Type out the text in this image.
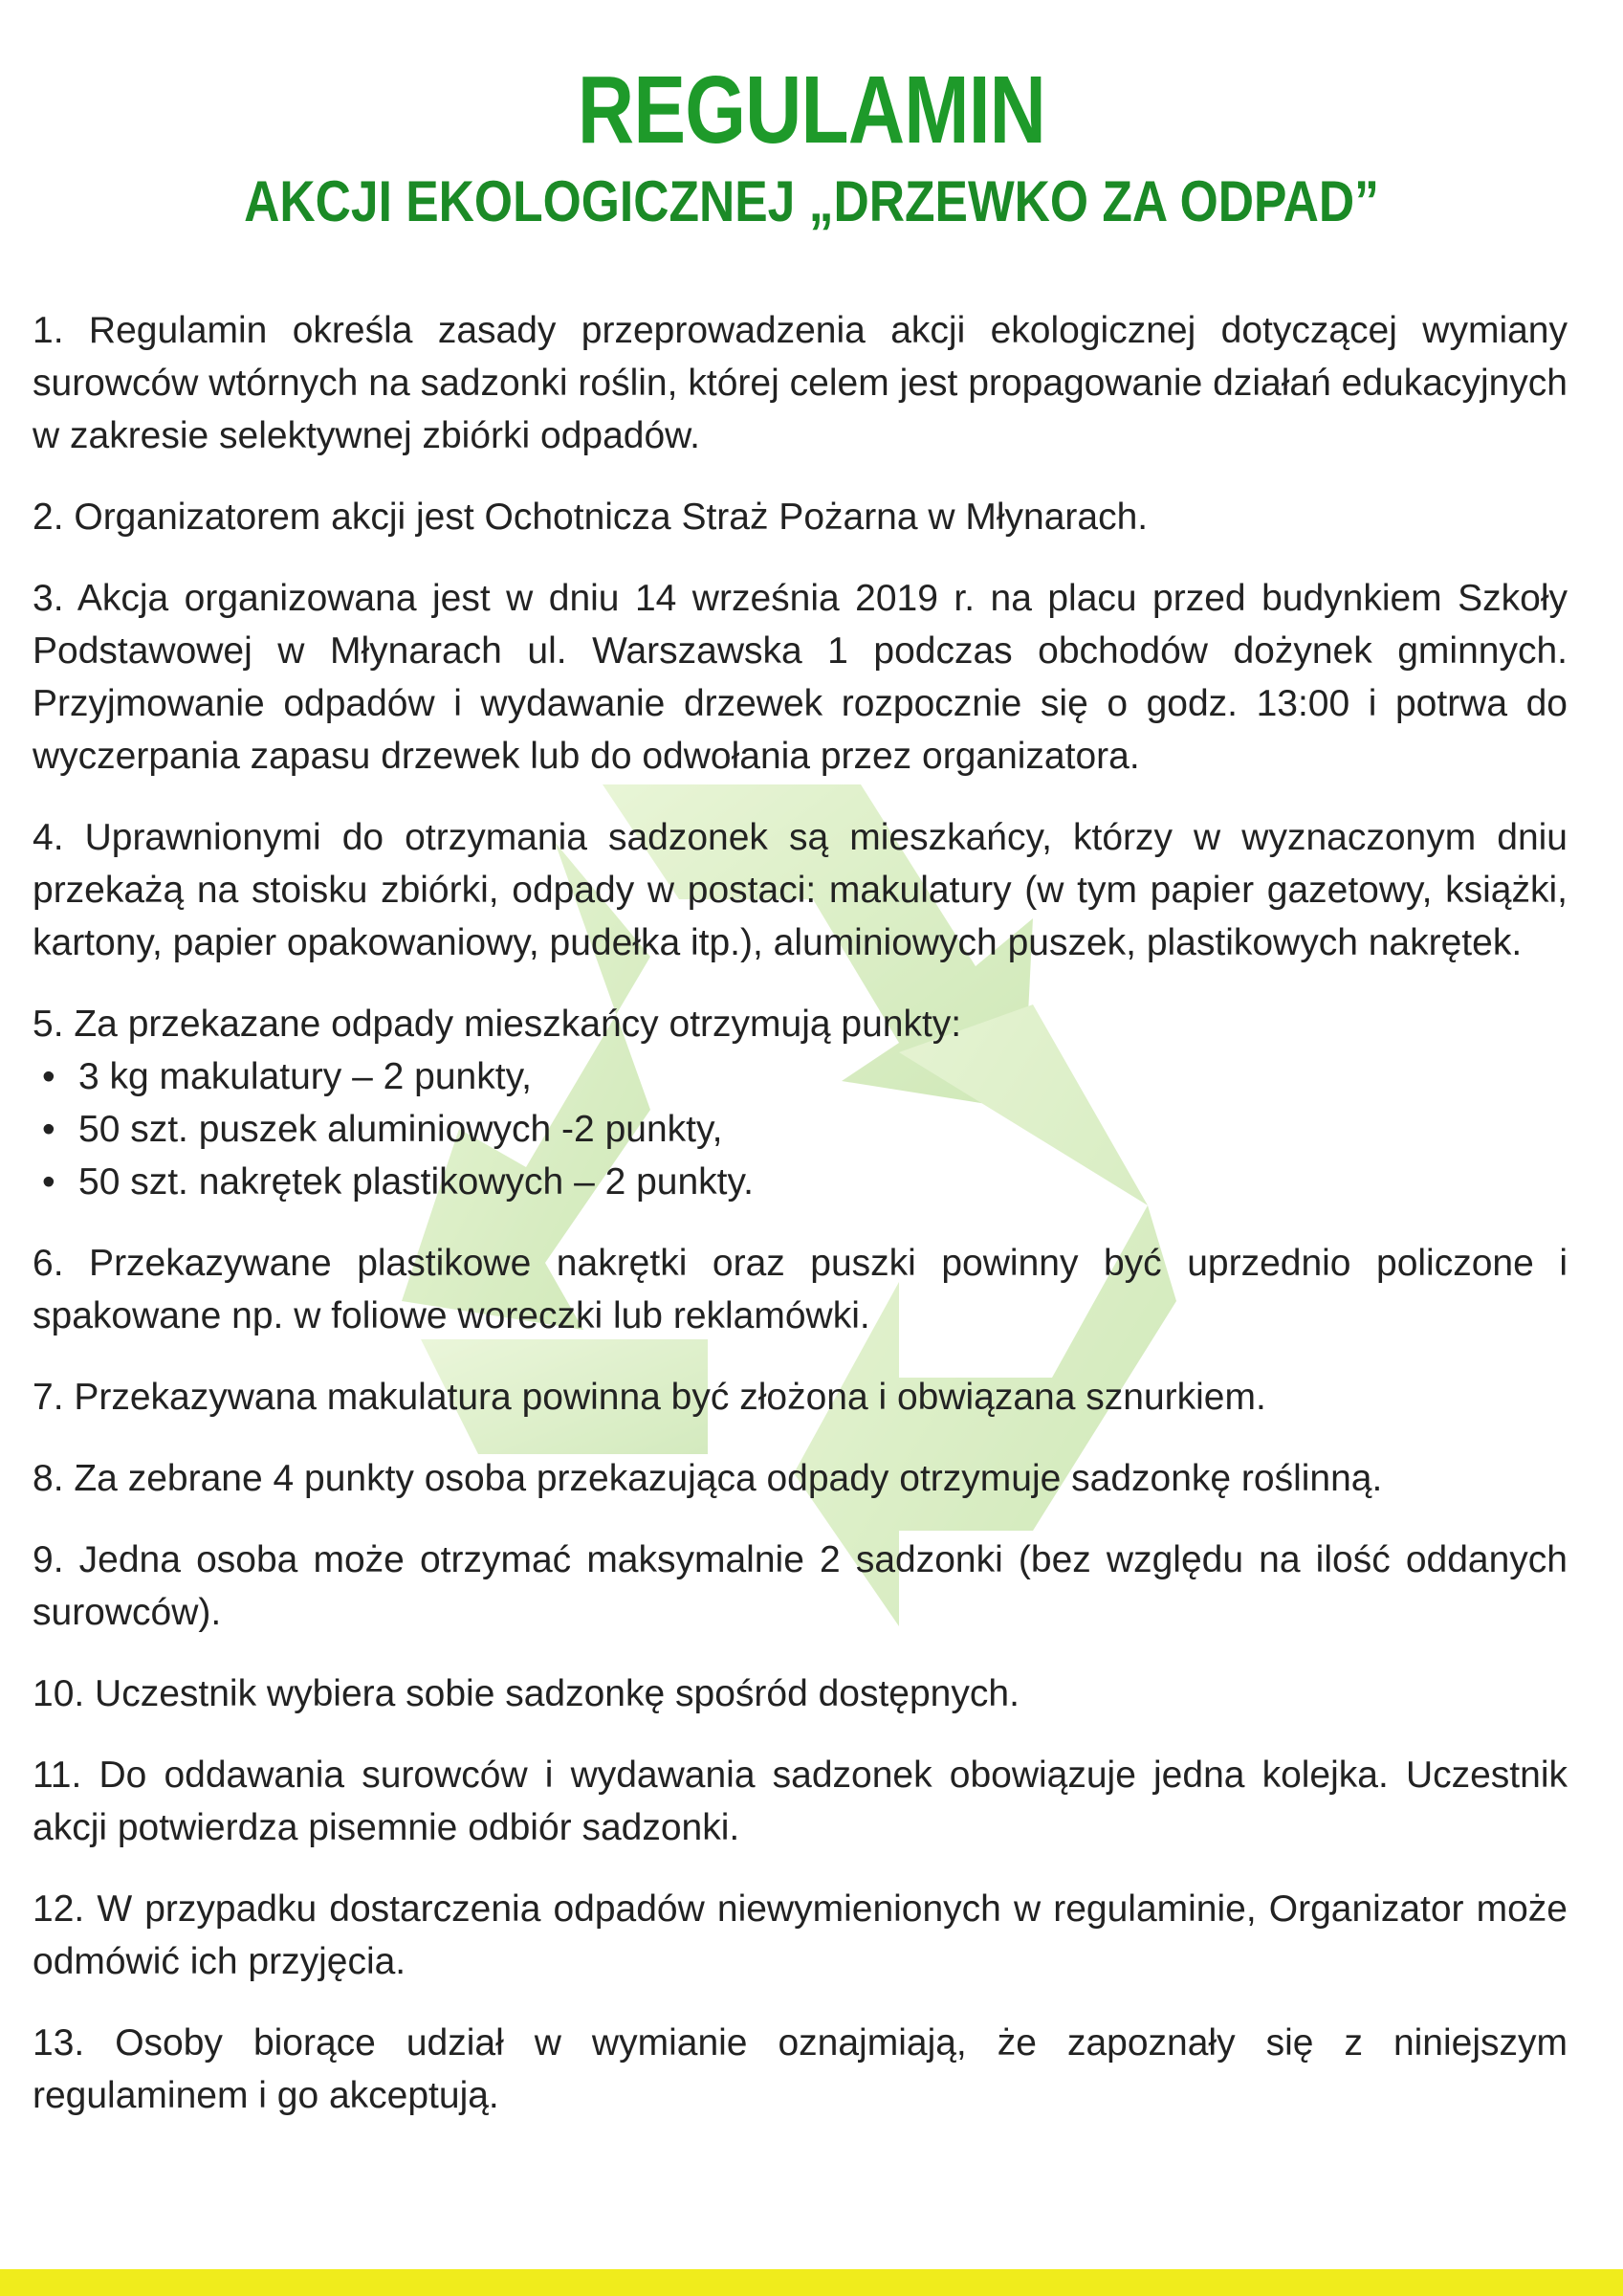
REGULAMIN
AKCJI EKOLOGICZNEJ „DRZEWKO ZA ODPAD”

1. Regulamin określa zasady przeprowadzenia akcji ekologicznej dotyczącej wymiany surowców wtórnych na sadzonki roślin, której celem jest propagowanie działań edukacyjnych w zakresie selektywnej zbiórki odpadów.

2. Organizatorem akcji jest Ochotnicza Straż Pożarna w Młynarach.

3. Akcja organizowana jest w dniu 14 września 2019 r. na placu przed budynkiem Szkoły Podstawowej w Młynarach ul. Warszawska 1 podczas obchodów dożynek gminnych. Przyjmowanie odpadów i wydawanie drzewek rozpocznie się o godz. 13:00 i potrwa do wyczerpania zapasu drzewek lub do odwołania przez organizatora.

4. Uprawnionymi do otrzymania sadzonek są mieszkańcy, którzy w wyznaczonym dniu przekażą na stoisku zbiórki, odpady w postaci: makulatury (w tym papier gazetowy, książki, kartony, papier opakowaniowy, pudełka itp.), aluminiowych puszek, plastikowych nakrętek.

5. Za przekazane odpady mieszkańcy otrzymują punkty:
• 3 kg makulatury – 2 punkty,
• 50 szt. puszek aluminiowych -2 punkty,
• 50 szt. nakrętek plastikowych – 2 punkty.

6. Przekazywane plastikowe nakrętki oraz puszki powinny być uprzednio policzone i spakowane np. w foliowe woreczki lub reklamówki.

7. Przekazywana makulatura powinna być złożona i obwiązana sznurkiem.

8. Za zebrane 4 punkty osoba przekazująca odpady otrzymuje sadzonkę roślinną.

9. Jedna osoba może otrzymać maksymalnie 2 sadzonki (bez względu na ilość oddanych surowców).

10. Uczestnik wybiera sobie sadzonkę spośród dostępnych.

11. Do oddawania surowców i wydawania sadzonek obowiązuje jedna kolejka. Uczestnik akcji potwierdza pisemnie odbiór sadzonki.

12. W przypadku dostarczenia odpadów niewymienionych w regulaminie, Organizator może odmówić ich przyjęcia.

13. Osoby biorące udział w wymianie oznajmiają, że zapoznały się z niniejszym regulaminem i go akceptują.
